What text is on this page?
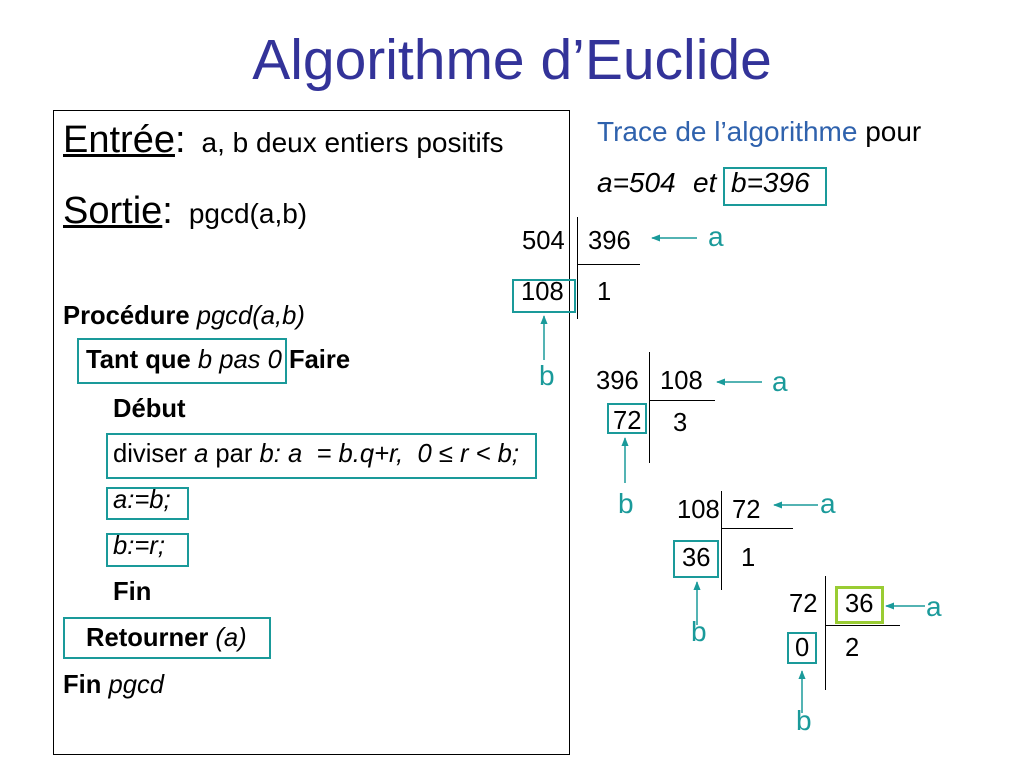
Algorithme d’Euclide
Entrée: a, b deux entiers positifs
Sortie: pgcd(a,b)
Procédure pgcd(a,b)
Tant que b pas 0 Faire
Début
diviser a par b: a  = b.q+r,  0 ≤ r < b;
a:=b;
b:=r;
Fin
Retourner (a)
Fin pgcd
Trace de l’algorithme pour
a=504 et b=396
504 396
108 1
a
b 396 108
72 3
a
b 108 72
36 1
a
b
72 36
0 2
a
b
